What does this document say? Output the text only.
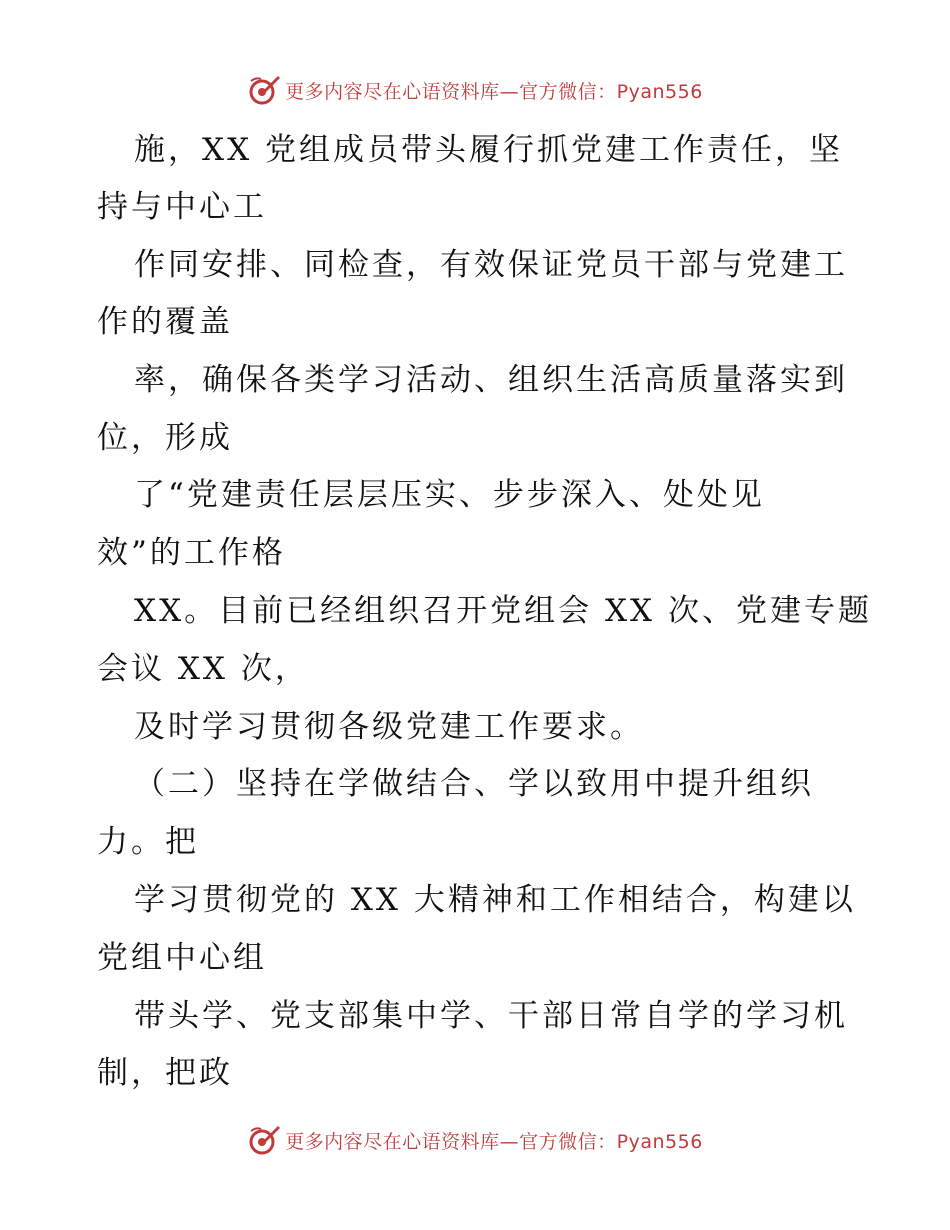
更多内容尽在心语资料库—官方微信：Pyan556
施，XX 党组成员带头履行抓党建工作责任，坚
持与中心工
作同安排、同检查，有效保证党员干部与党建工
作的覆盖
率，确保各类学习活动、组织生活高质量落实到
位，形成
了“党建责任层层压实、步步深入、处处见
效”的工作格
XX。目前已经组织召开党组会 XX 次、党建专题
会议 XX 次，
及时学习贯彻各级党建工作要求。
（二）坚持在学做结合、学以致用中提升组织
力。把
学习贯彻党的 XX 大精神和工作相结合，构建以
党组中心组
带头学、党支部集中学、干部日常自学的学习机
制，把政
更多内容尽在心语资料库—官方微信：Pyan556
